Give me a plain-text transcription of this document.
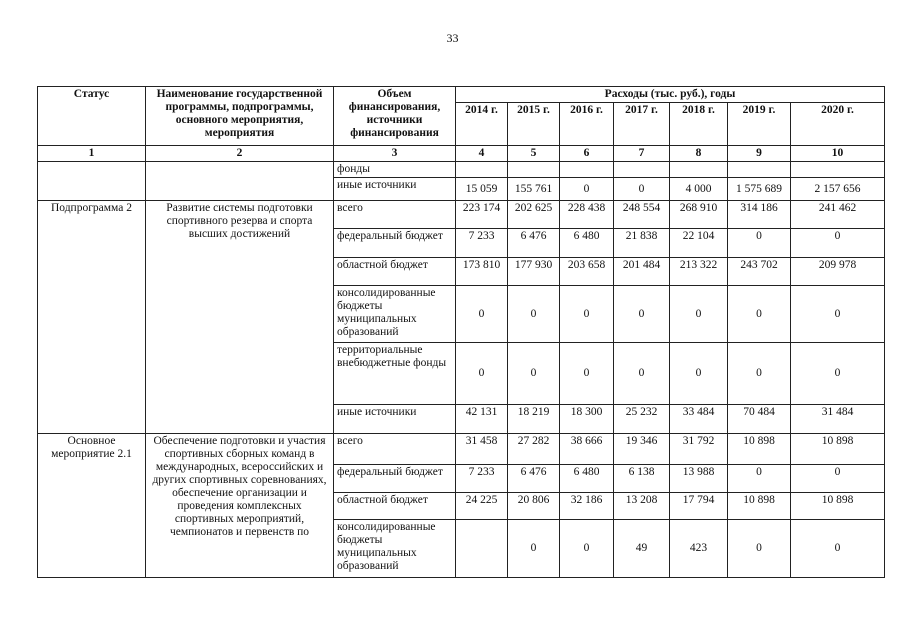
33
Статус	Наименование государственной программы, подпрограммы, основного мероприятия, мероприятия	Объем финансирования, источники финансирования	Расходы (тыс. руб.), годы						
			2014 г.	2015 г.	2016 г.	2017 г.	2018 г.	2019 г.	2020 г.
1	2	3	4	5	6	7	8	9	10
		фонды							
		иные источники	15 059	155 761	0	0	4 000	1 575 689	2 157 656
Подпрограмма 2	Развитие системы подготовки спортивного резерва и спорта высших достижений	всего	223 174	202 625	228 438	248 554	268 910	314 186	241 462
		федеральный бюджет	7 233	6 476	6 480	21 838	22 104	0	0
		областной бюджет	173 810	177 930	203 658	201 484	213 322	243 702	209 978
		консолидированные бюджеты муниципальных образований	0	0	0	0	0	0	0
		территориальные внебюджетные фонды	0	0	0	0	0	0	0
		иные источники	42 131	18 219	18 300	25 232	33 484	70 484	31 484
Основное мероприятие 2.1	Обеспечение подготовки и участия спортивных сборных команд в международных, всероссийских и других спортивных соревнованиях, обеспечение организации и проведения комплексных спортивных мероприятий, чемпионатов и первенств по	всего	31 458	27 282	38 666	19 346	31 792	10 898	10 898
		федеральный бюджет	7 233	6 476	6 480	6 138	13 988	0	0
		областной бюджет	24 225	20 806	32 186	13 208	17 794	10 898	10 898
		консолидированные бюджеты муниципальных образований		0	0	49	423	0	0
